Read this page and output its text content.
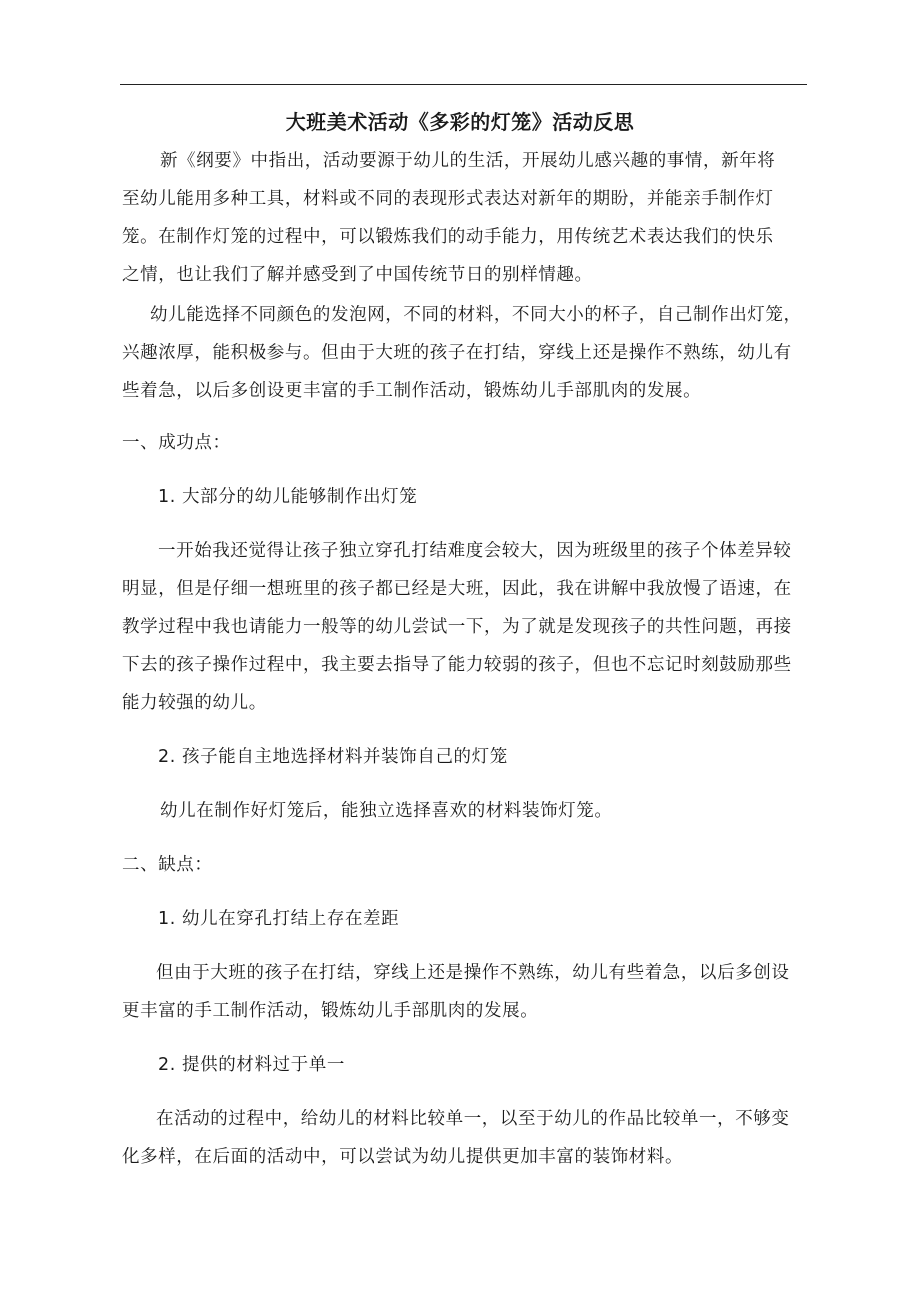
大班美术活动《多彩的灯笼》活动反思
新《纲要》中指出，活动要源于幼儿的生活，开展幼儿感兴趣的事情，新年将
至幼儿能用多种工具，材料或不同的表现形式表达对新年的期盼，并能亲手制作灯
笼。在制作灯笼的过程中，可以锻炼我们的动手能力，用传统艺术表达我们的快乐
之情，也让我们了解并感受到了中国传统节日的别样情趣。
幼儿能选择不同颜色的发泡网，不同的材料，不同大小的杯子，自己制作出灯笼，
兴趣浓厚，能积极参与。但由于大班的孩子在打结，穿线上还是操作不熟练，幼儿有
些着急，以后多创设更丰富的手工制作活动，锻炼幼儿手部肌肉的发展。
一、成功点：
1. 大部分的幼儿能够制作出灯笼
一开始我还觉得让孩子独立穿孔打结难度会较大，因为班级里的孩子个体差异较
明显，但是仔细一想班里的孩子都已经是大班，因此，我在讲解中我放慢了语速，在
教学过程中我也请能力一般等的幼儿尝试一下，为了就是发现孩子的共性问题，再接
下去的孩子操作过程中，我主要去指导了能力较弱的孩子，但也不忘记时刻鼓励那些
能力较强的幼儿。
2. 孩子能自主地选择材料并装饰自己的灯笼
幼儿在制作好灯笼后，能独立选择喜欢的材料装饰灯笼。
二、缺点：
1. 幼儿在穿孔打结上存在差距
但由于大班的孩子在打结，穿线上还是操作不熟练，幼儿有些着急，以后多创设
更丰富的手工制作活动，锻炼幼儿手部肌肉的发展。
2. 提供的材料过于单一
在活动的过程中，给幼儿的材料比较单一，以至于幼儿的作品比较单一，不够变
化多样，在后面的活动中，可以尝试为幼儿提供更加丰富的装饰材料。
